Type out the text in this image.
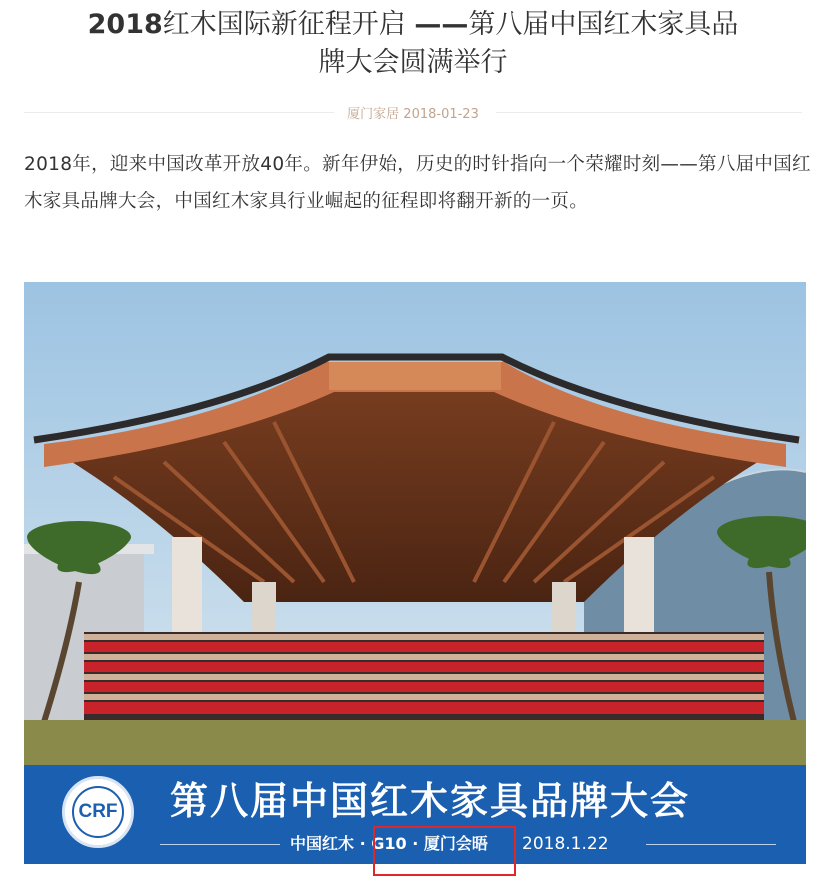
2018红木国际新征程开启 ——第八届中国红木家具品
牌大会圆满举行
厦门家居 2018-01-23

2018年，迎来中国改革开放40年。新年伊始，历史的时针指向一个荣耀时刻——第八届中国红木家具品牌大会，中国红木家具行业崛起的征程即将翻开新的一页。

CRF	第八届中国红木家具品牌大会
中国红木 · G10 · 厦门会晤 2018.1.22
